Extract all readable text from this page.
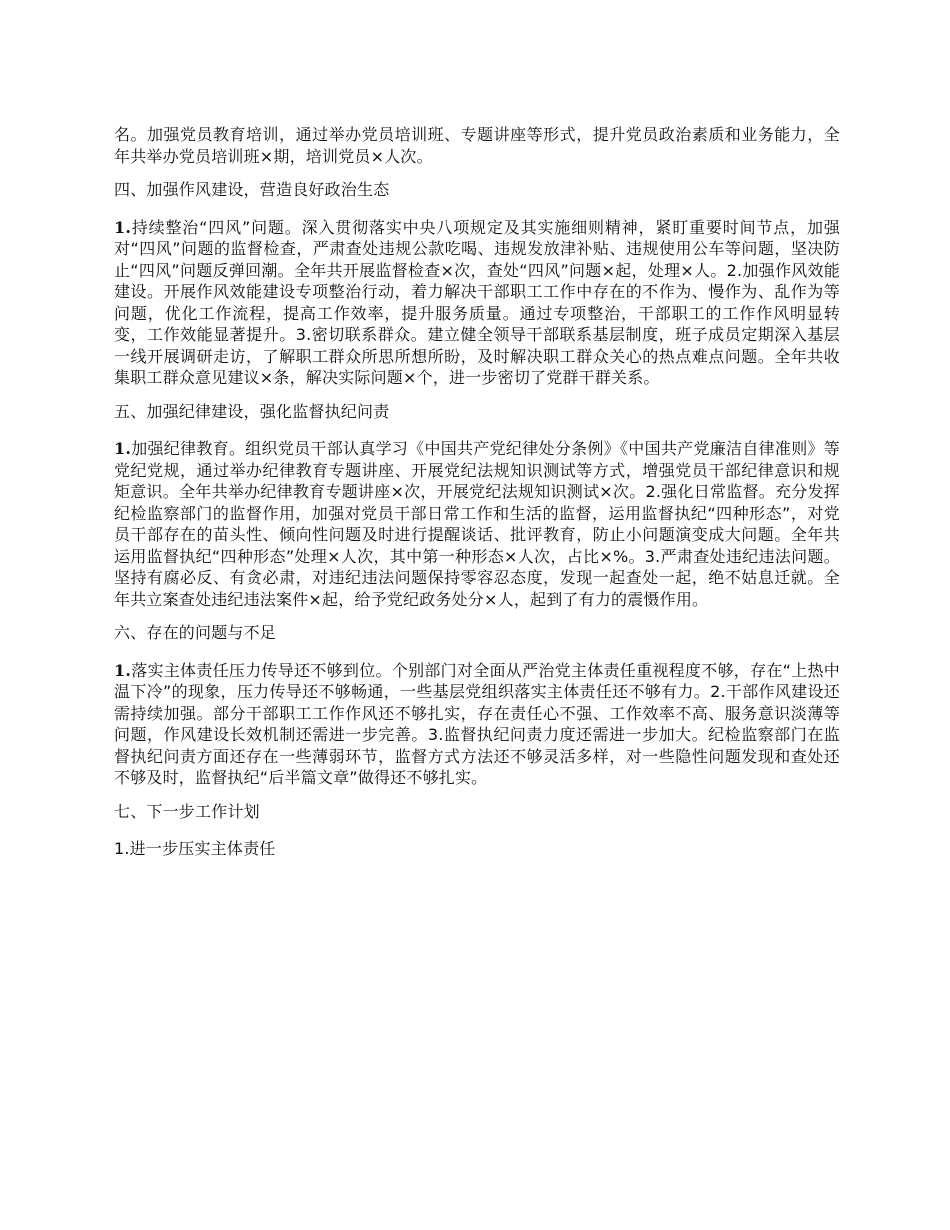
名。加强党员教育培训，通过举办党员培训班、专题讲座等形式，提升党员政治素质和业务能力，全年共举办党员培训班×期，培训党员×人次。

四、加强作风建设，营造良好政治生态

1.持续整治“四风”问题。深入贯彻落实中央八项规定及其实施细则精神，紧盯重要时间节点，加强对“四风”问题的监督检查，严肃查处违规公款吃喝、违规发放津补贴、违规使用公车等问题，坚决防止“四风”问题反弹回潮。全年共开展监督检查×次，查处“四风”问题×起，处理×人。2.加强作风效能建设。开展作风效能建设专项整治行动，着力解决干部职工工作中存在的不作为、慢作为、乱作为等问题，优化工作流程，提高工作效率，提升服务质量。通过专项整治，干部职工的工作作风明显转变，工作效能显著提升。3.密切联系群众。建立健全领导干部联系基层制度，班子成员定期深入基层一线开展调研走访，了解职工群众所思所想所盼，及时解决职工群众关心的热点难点问题。全年共收集职工群众意见建议×条，解决实际问题×个，进一步密切了党群干群关系。

五、加强纪律建设，强化监督执纪问责

1.加强纪律教育。组织党员干部认真学习《中国共产党纪律处分条例》《中国共产党廉洁自律准则》等党纪党规，通过举办纪律教育专题讲座、开展党纪法规知识测试等方式，增强党员干部纪律意识和规矩意识。全年共举办纪律教育专题讲座×次，开展党纪法规知识测试×次。2.强化日常监督。充分发挥纪检监察部门的监督作用，加强对党员干部日常工作和生活的监督，运用监督执纪“四种形态”，对党员干部存在的苗头性、倾向性问题及时进行提醒谈话、批评教育，防止小问题演变成大问题。全年共运用监督执纪“四种形态”处理×人次，其中第一种形态×人次，占比×%。3.严肃查处违纪违法问题。坚持有腐必反、有贪必肃，对违纪违法问题保持零容忍态度，发现一起查处一起，绝不姑息迁就。全年共立案查处违纪违法案件×起，给予党纪政务处分×人，起到了有力的震慑作用。

六、存在的问题与不足

1.落实主体责任压力传导还不够到位。个别部门对全面从严治党主体责任重视程度不够，存在“上热中温下冷”的现象，压力传导还不够畅通，一些基层党组织落实主体责任还不够有力。2.干部作风建设还需持续加强。部分干部职工工作作风还不够扎实，存在责任心不强、工作效率不高、服务意识淡薄等问题，作风建设长效机制还需进一步完善。3.监督执纪问责力度还需进一步加大。纪检监察部门在监督执纪问责方面还存在一些薄弱环节，监督方式方法还不够灵活多样，对一些隐性问题发现和查处还不够及时，监督执纪“后半篇文章”做得还不够扎实。

七、下一步工作计划

1.进一步压实主体责任
